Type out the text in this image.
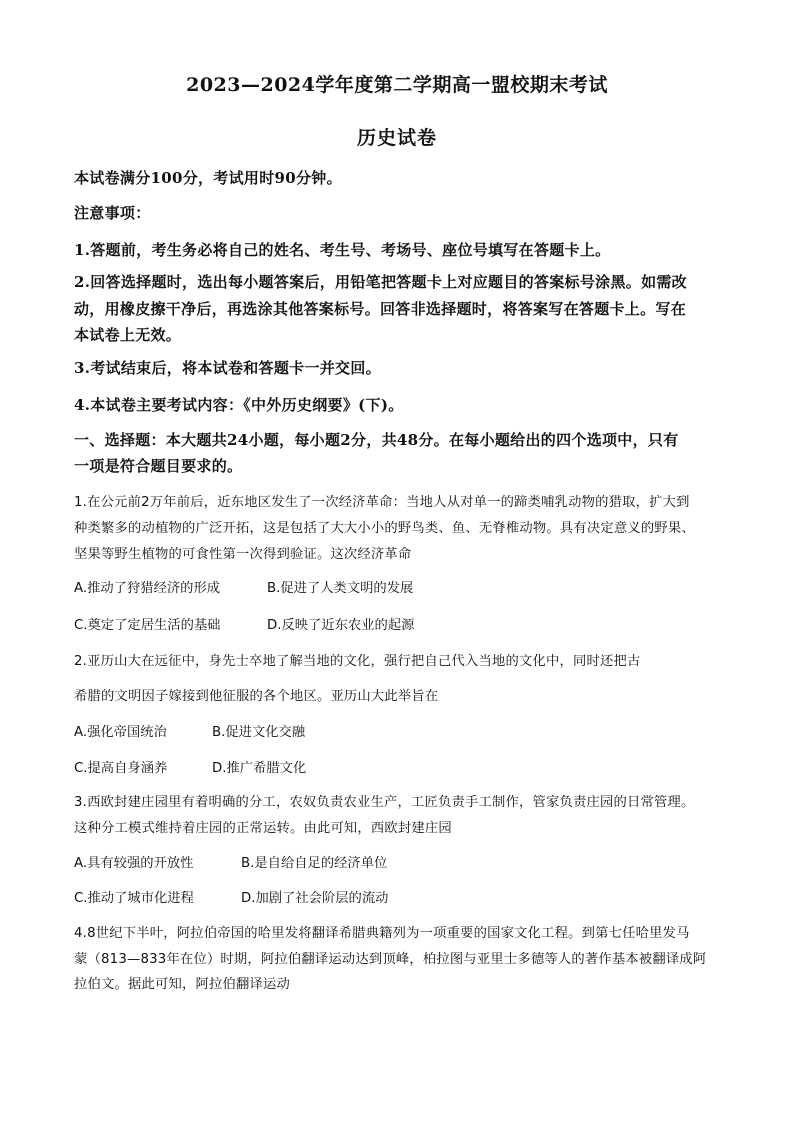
2023—2024学年度第二学期高一盟校期末考试
历史试卷
本试卷满分100分，考试用时90分钟。
注意事项：
1.答题前，考生务必将自己的姓名、考生号、考场号、座位号填写在答题卡上。
2.回答选择题时，选出每小题答案后，用铅笔把答题卡上对应题目的答案标号涂黑。如需改
动，用橡皮擦干净后，再选涂其他答案标号。回答非选择题时，将答案写在答题卡上。写在
本试卷上无效。
3.考试结束后，将本试卷和答题卡一并交回。
4.本试卷主要考试内容：《中外历史纲要》(下)。
一、选择题：本大题共24小题，每小题2分，共48分。在每小题给出的四个选项中，只有
一项是符合题目要求的。
1.在公元前2万年前后，近东地区发生了一次经济革命：当地人从对单一的蹄类哺乳动物的猎取，扩大到
种类繁多的动植物的广泛开拓，这是包括了大大小小的野鸟类、鱼、无脊椎动物。具有决定意义的野果、
坚果等野生植物的可食性第一次得到验证。这次经济革命
A.推动了狩猎经济的形成	B.促进了人类文明的发展
C.奠定了定居生活的基础	D.反映了近东农业的起源
2.亚历山大在远征中，身先士卒地了解当地的文化，强行把自己代入当地的文化中，同时还把古
希腊的文明因子嫁接到他征服的各个地区。亚历山大此举旨在
A.强化帝国统治	B.促进文化交融
C.提高自身涵养	D.推广希腊文化
3.西欧封建庄园里有着明确的分工，农奴负责农业生产，工匠负责手工制作，管家负责庄园的日常管理。
这种分工模式维持着庄园的正常运转。由此可知，西欧封建庄园
A.具有较强的开放性	B.是自给自足的经济单位
C.推动了城市化进程	D.加剧了社会阶层的流动
4.8世纪下半叶，阿拉伯帝国的哈里发将翻译希腊典籍列为一项重要的国家文化工程。到第七任哈里发马
蒙（813—833年在位）时期，阿拉伯翻译运动达到顶峰，柏拉图与亚里士多德等人的著作基本被翻译成阿
拉伯文。据此可知，阿拉伯翻译运动
